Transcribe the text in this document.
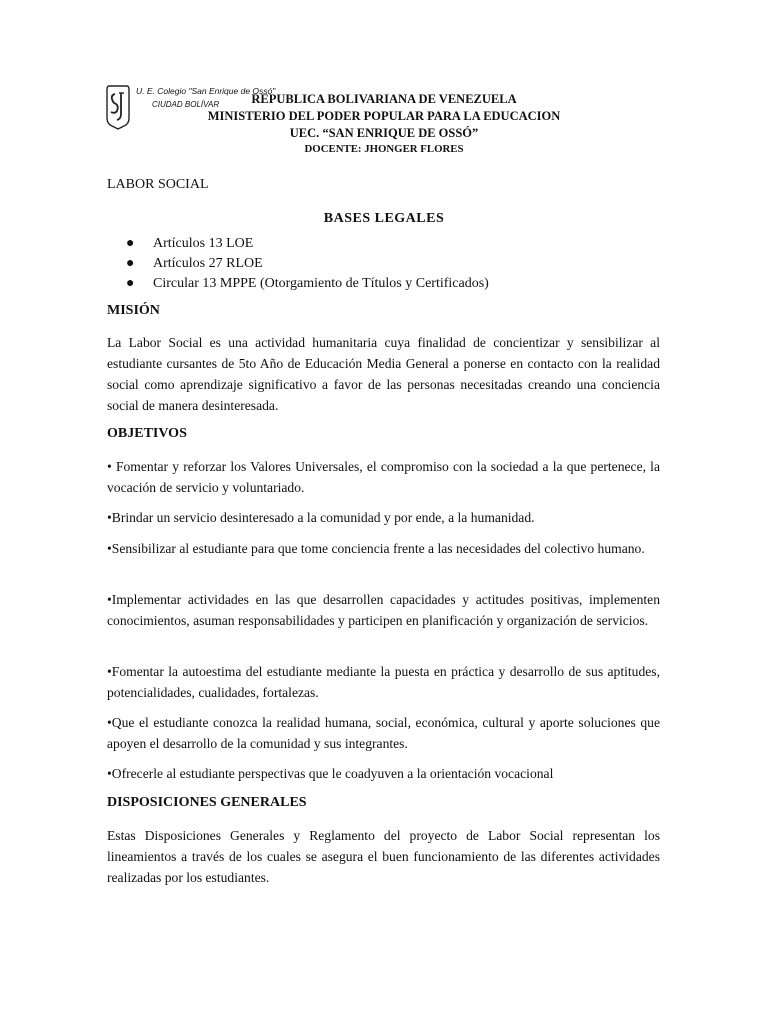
U. E. Colegio "San Enrique de Ossó"
CIUDAD BOLÍVAR	REPUBLICA BOLIVARIANA DE VENEZUELA
MINISTERIO DEL PODER POPULAR PARA LA EDUCACION
UEC. “SAN ENRIQUE DE OSSÓ”
DOCENTE: JHONGER FLORES
LABOR SOCIAL
BASES LEGALES
● Artículos 13 LOE
● Artículos 27 RLOE
● Circular 13 MPPE (Otorgamiento de Títulos y Certificados)
MISIÓN
La Labor Social es una actividad humanitaria cuya finalidad de concientizar y sensibilizar al estudiante cursantes de 5to Año de Educación Media General a ponerse en contacto con la realidad social como aprendizaje significativo a favor de las personas necesitadas creando una conciencia social de manera desinteresada.
OBJETIVOS
• Fomentar y reforzar los Valores Universales, el compromiso con la sociedad a la que pertenece, la vocación de servicio y voluntariado.
•Brindar un servicio desinteresado a la comunidad y por ende, a la humanidad.
•Sensibilizar al estudiante para que tome conciencia frente a las necesidades del colectivo humano.
•Implementar actividades en las que desarrollen capacidades y actitudes positivas, implementen conocimientos, asuman responsabilidades y participen en planificación y organización de servicios.
•Fomentar la autoestima del estudiante mediante la puesta en práctica y desarrollo de sus aptitudes, potencialidades, cualidades, fortalezas.
•Que el estudiante conozca la realidad humana, social, económica, cultural y aporte soluciones que apoyen el desarrollo de la comunidad y sus integrantes.
•Ofrecerle al estudiante perspectivas que le coadyuven a la orientación vocacional
DISPOSICIONES GENERALES
Estas Disposiciones Generales y Reglamento del proyecto de Labor Social representan los lineamientos a través de los cuales se asegura el buen funcionamiento de las diferentes actividades realizadas por los estudiantes.
